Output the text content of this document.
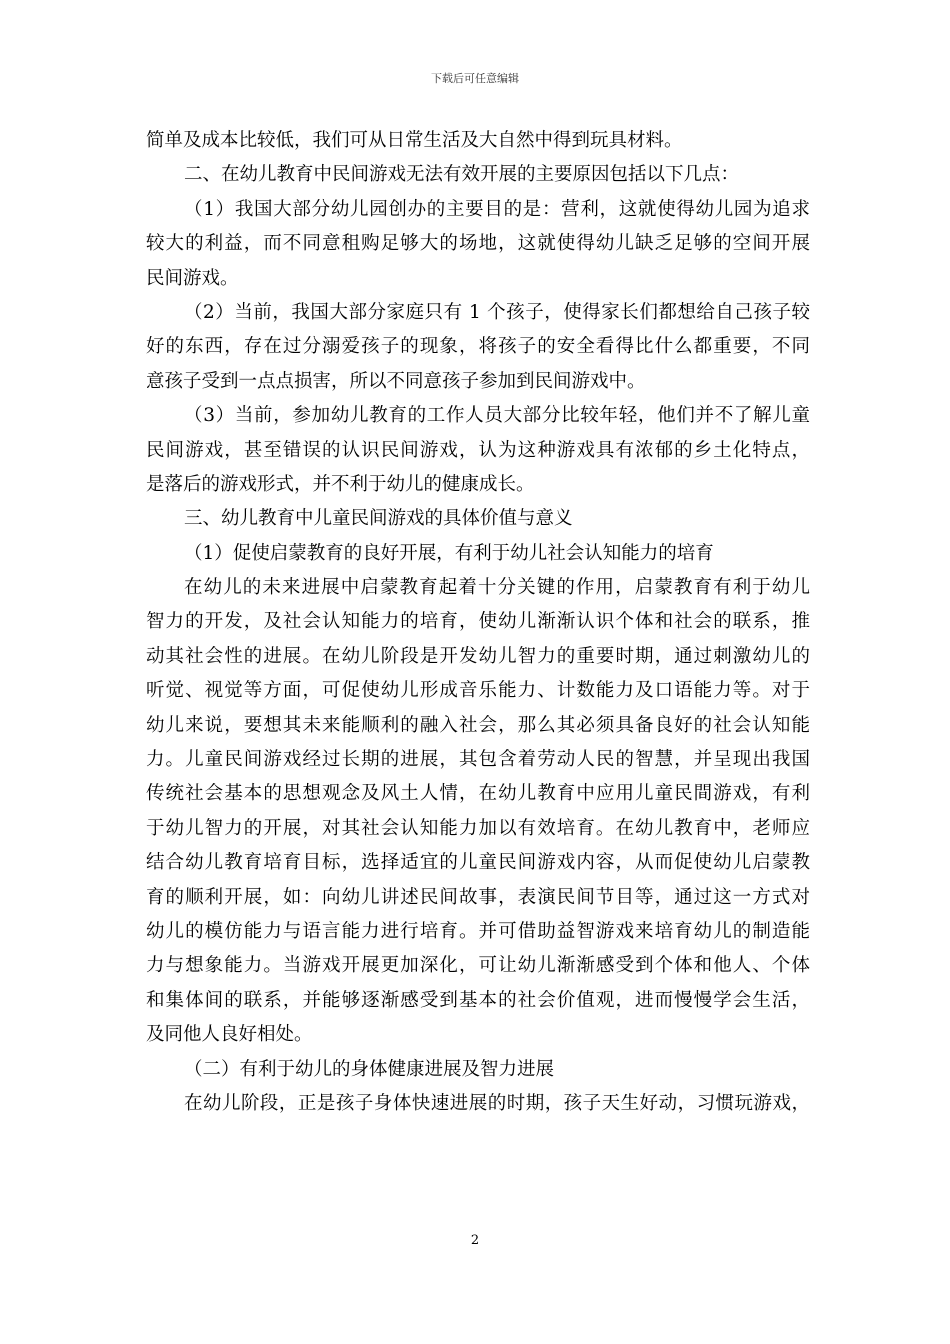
下载后可任意编辑
简单及成本比较低，我们可从日常生活及大自然中得到玩具材料。
二、在幼儿教育中民间游戏无法有效开展的主要原因包括以下几点：
（1）我国大部分幼儿园创办的主要目的是：营利，这就使得幼儿园为追求
较大的利益，而不同意租购足够大的场地，这就使得幼儿缺乏足够的空间开展
民间游戏。
（2）当前，我国大部分家庭只有 1 个孩子，使得家长们都想给自己孩子较
好的东西，存在过分溺爱孩子的现象，将孩子的安全看得比什么都重要，不同
意孩子受到一点点损害，所以不同意孩子参加到民间游戏中。
（3）当前，参加幼儿教育的工作人员大部分比较年轻，他们并不了解儿童
民间游戏，甚至错误的认识民间游戏，认为这种游戏具有浓郁的乡土化特点，
是落后的游戏形式，并不利于幼儿的健康成长。
三、幼儿教育中儿童民间游戏的具体价值与意义
（1）促使启蒙教育的良好开展，有利于幼儿社会认知能力的培育
在幼儿的未来进展中启蒙教育起着十分关键的作用，启蒙教育有利于幼儿
智力的开发，及社会认知能力的培育，使幼儿渐渐认识个体和社会的联系，推
动其社会性的进展。在幼儿阶段是开发幼儿智力的重要时期，通过刺激幼儿的
听觉、视觉等方面，可促使幼儿形成音乐能力、计数能力及口语能力等。对于
幼儿来说，要想其未来能顺利的融入社会，那么其必须具备良好的社会认知能
力。儿童民间游戏经过长期的进展，其包含着劳动人民的智慧，并呈现出我国
传统社会基本的思想观念及风土人情，在幼儿教育中应用儿童民間游戏，有利
于幼儿智力的开展，对其社会认知能力加以有效培育。在幼儿教育中，老师应
结合幼儿教育培育目标，选择适宜的儿童民间游戏内容，从而促使幼儿启蒙教
育的顺利开展，如：向幼儿讲述民间故事，表演民间节目等，通过这一方式对
幼儿的模仿能力与语言能力进行培育。并可借助益智游戏来培育幼儿的制造能
力与想象能力。当游戏开展更加深化，可让幼儿渐渐感受到个体和他人、个体
和集体间的联系，并能够逐渐感受到基本的社会价值观，进而慢慢学会生活，
及同他人良好相处。
（二）有利于幼儿的身体健康进展及智力进展
在幼儿阶段，正是孩子身体快速进展的时期，孩子天生好动，习惯玩游戏，
2
